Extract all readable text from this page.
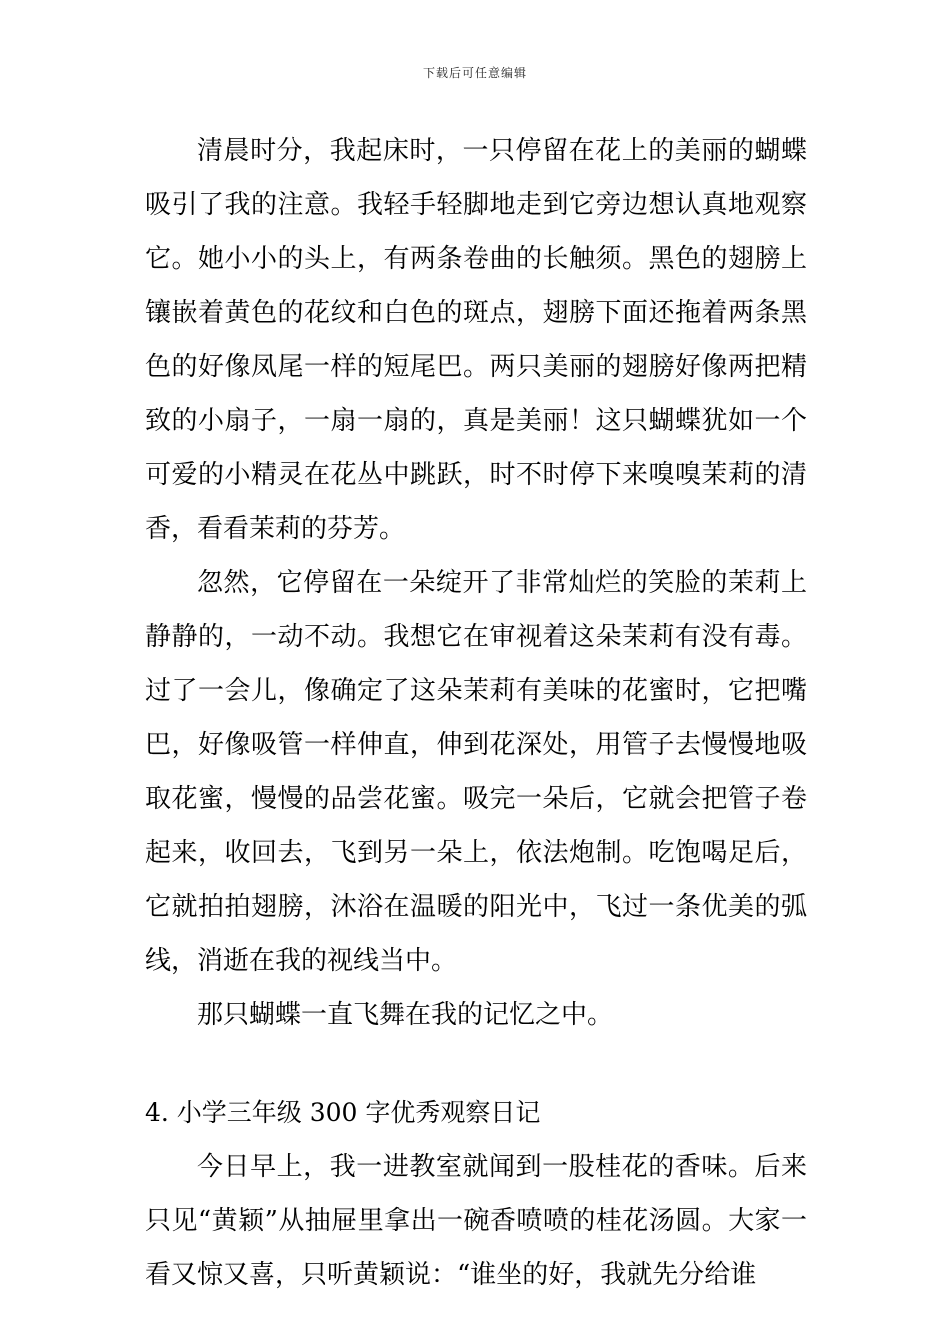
下载后可任意编辑

清晨时分，我起床时，一只停留在花上的美丽的蝴蝶吸引了我的注意。我轻手轻脚地走到它旁边想认真地观察它。她小小的头上，有两条卷曲的长触须。黑色的翅膀上镶嵌着黄色的花纹和白色的斑点，翅膀下面还拖着两条黑色的好像凤尾一样的短尾巴。两只美丽的翅膀好像两把精致的小扇子，一扇一扇的，真是美丽！这只蝴蝶犹如一个可爱的小精灵在花丛中跳跃，时不时停下来嗅嗅茉莉的清香，看看茉莉的芬芳。

忽然，它停留在一朵绽开了非常灿烂的笑脸的茉莉上静静的，一动不动。我想它在审视着这朵茉莉有没有毒。过了一会儿，像确定了这朵茉莉有美味的花蜜时，它把嘴巴，好像吸管一样伸直，伸到花深处，用管子去慢慢地吸取花蜜，慢慢的品尝花蜜。吸完一朵后，它就会把管子卷起来，收回去，飞到另一朵上，依法炮制。吃饱喝足后，它就拍拍翅膀，沐浴在温暖的阳光中，飞过一条优美的弧线，消逝在我的视线当中。

那只蝴蝶一直飞舞在我的记忆之中。

4. 小学三年级 300 字优秀观察日记

今日早上，我一进教室就闻到一股桂花的香味。后来只见“黄颖”从抽屉里拿出一碗香喷喷的桂花汤圆。大家一看又惊又喜，只听黄颖说：“谁坐的好，我就先分给谁
